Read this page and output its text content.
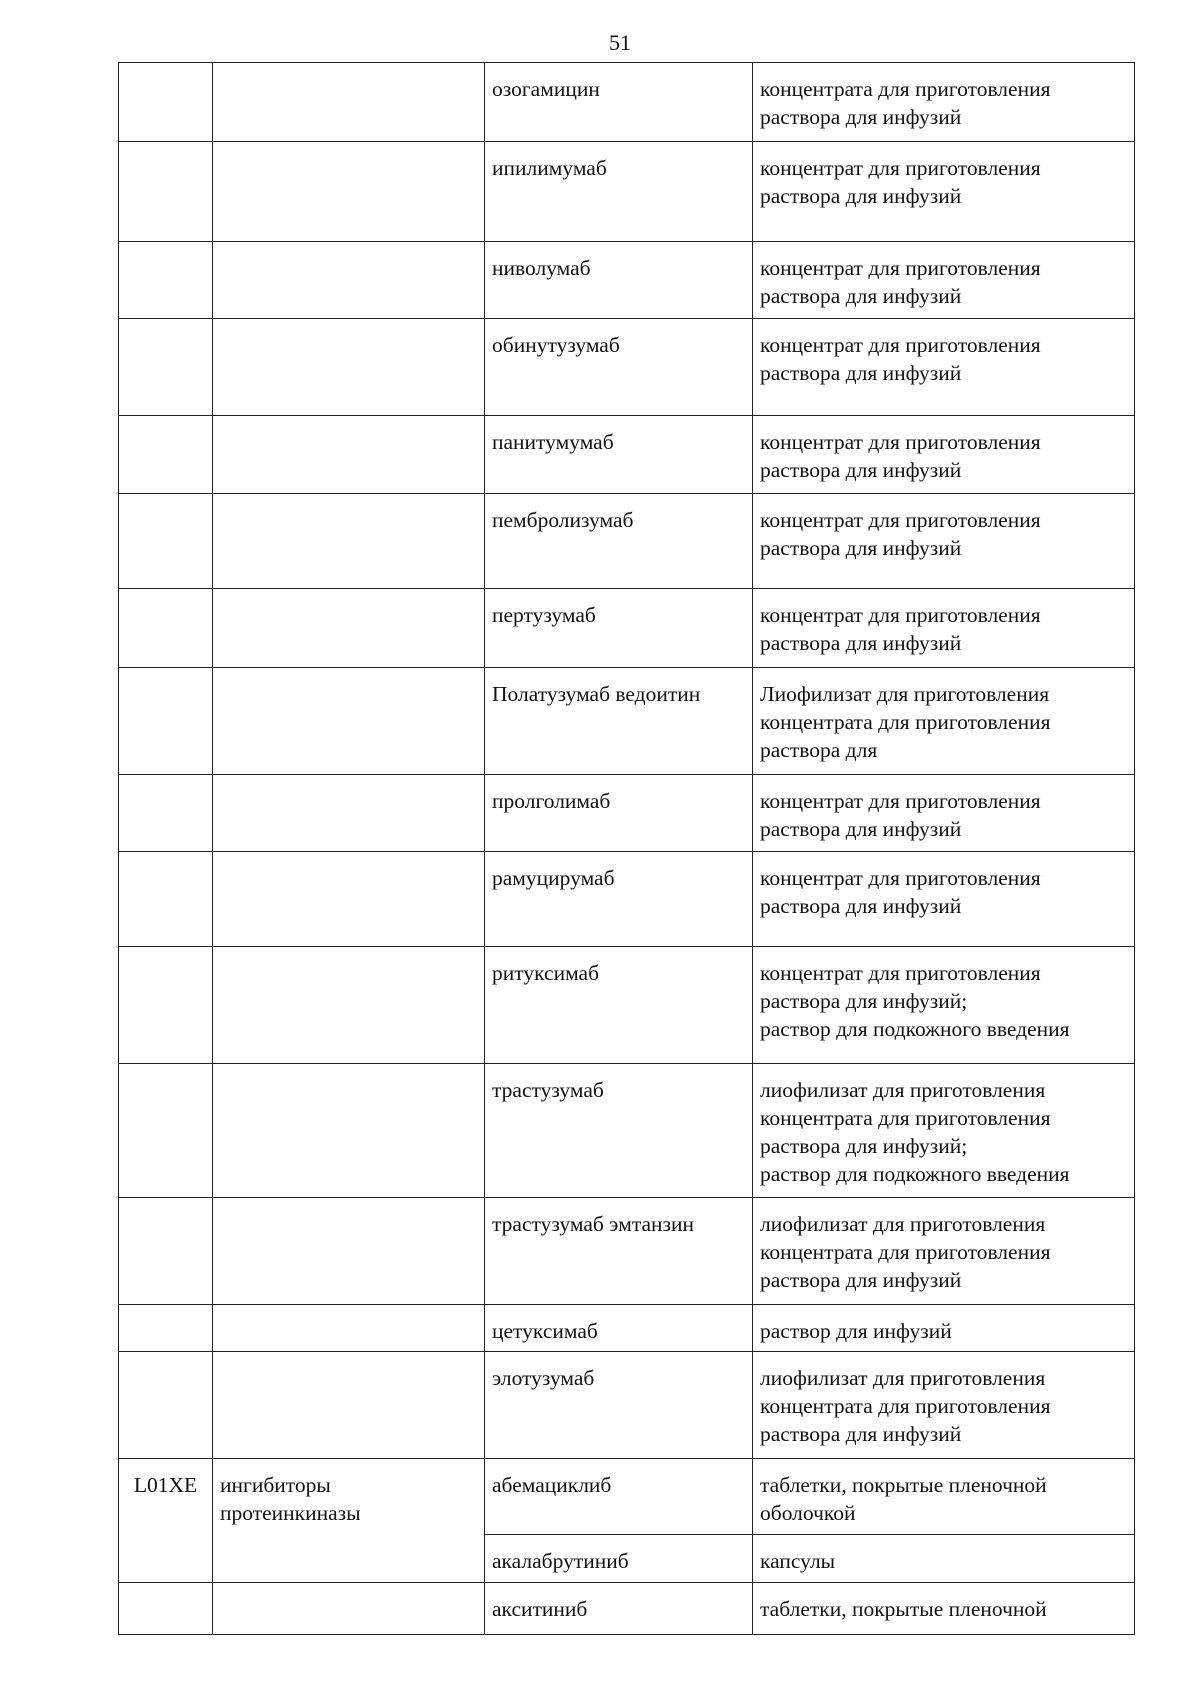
51
		озогамицин	концентрата для приготовления
раствора для инфузий

		ипилимумаб	концентрат для приготовления
раствора для инфузий

		ниволумаб	концентрат для приготовления
раствора для инфузий

		обинутузумаб	концентрат для приготовления
раствора для инфузий

		панитумумаб	концентрат для приготовления
раствора для инфузий

		пембролизумаб	концентрат для приготовления
раствора для инфузий

		пертузумаб	концентрат для приготовления
раствора для инфузий

		Полатузумаб ведоитин	Лиофилизат для приготовления
концентрата для приготовления
раствора для

		пролголимаб	концентрат для приготовления
раствора для инфузий

		рамуцирумаб	концентрат для приготовления
раствора для инфузий

		ритуксимаб	концентрат для приготовления
раствора для инфузий;
раствор для подкожного введения

		трастузумаб	лиофилизат для приготовления
концентрата для приготовления
раствора для инфузий;
раствор для подкожного введения

		трастузумаб эмтанзин	лиофилизат для приготовления
концентрата для приготовления
раствора для инфузий

		цетуксимаб	раствор для инфузий

		элотузумаб	лиофилизат для приготовления
концентрата для приготовления
раствора для инфузий

L01XE	ингибиторы
протеинкиназы	абемациклиб	таблетки, покрытые пленочной
оболочкой

		акалабрутиниб	капсулы

		акситиниб	таблетки, покрытые пленочной
